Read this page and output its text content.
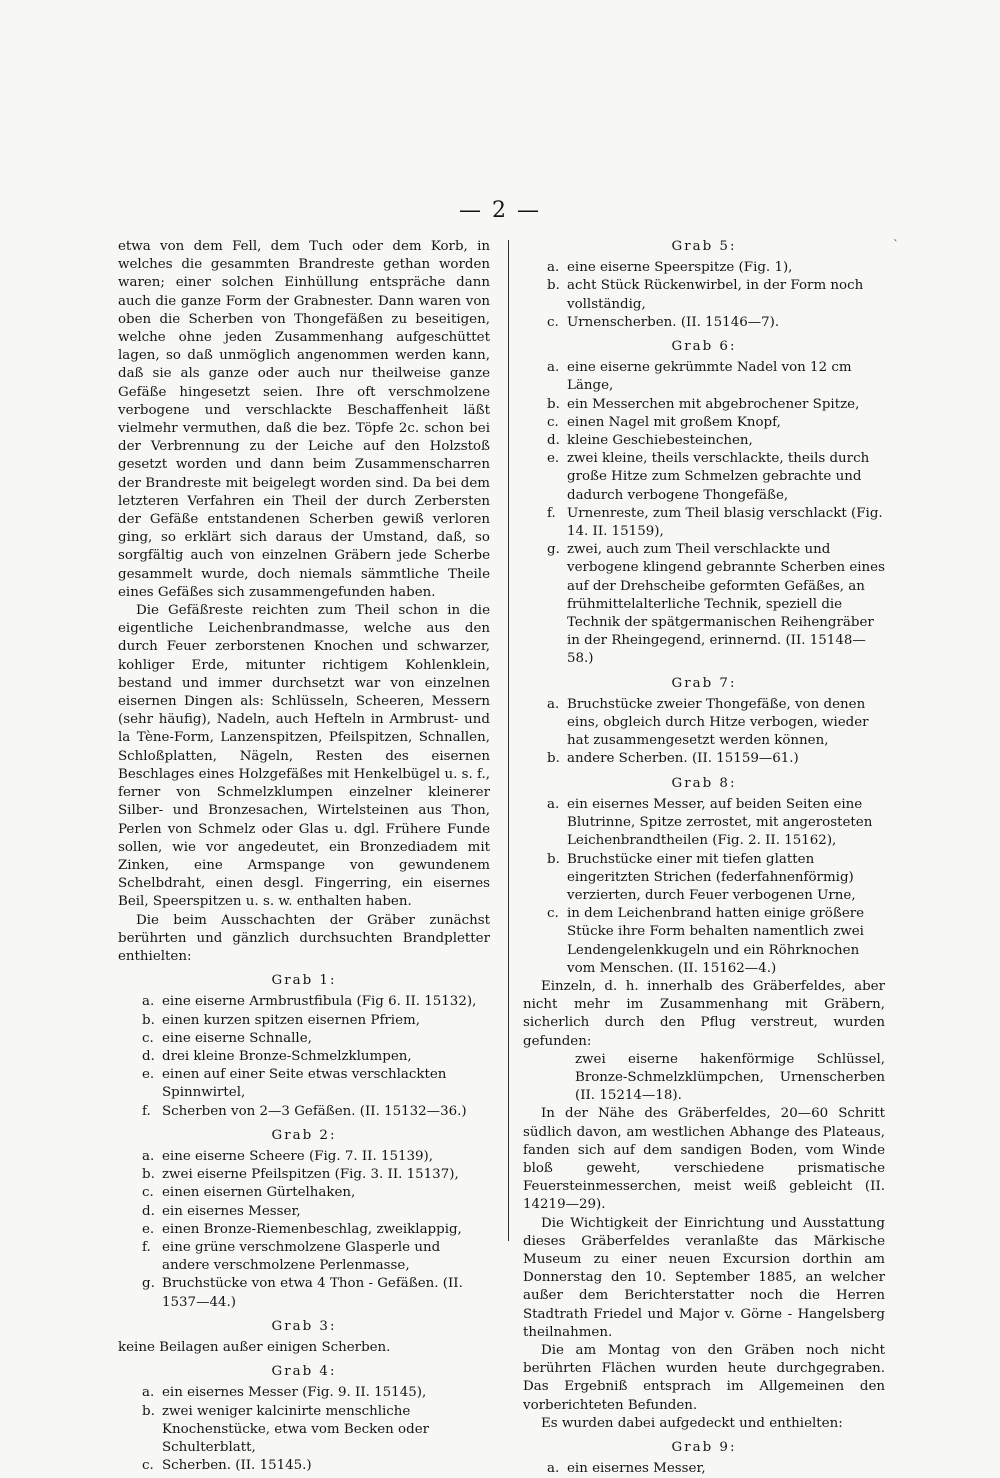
— 2 —
`

etwa von dem Fell, dem Tuch oder dem Korb, in welches die gesammten Brandreste gethan worden waren; einer solchen Einhüllung entspräche dann auch die ganze Form der Grabnester. Dann waren von oben die Scherben von Thongefäßen zu beseitigen, welche ohne jeden Zusammenhang aufgeschüttet lagen, so daß unmöglich angenommen werden kann, daß sie als ganze oder auch nur theilweise ganze Gefäße hingesetzt seien. Ihre oft verschmolzene verbogene und verschlackte Beschaffenheit läßt vielmehr vermuthen, daß die bez. Töpfe 2c. schon bei der Verbrennung zu der Leiche auf den Holzstoß gesetzt worden und dann beim Zusammenscharren der Brandreste mit beigelegt worden sind. Da bei dem letzteren Verfahren ein Theil der durch Zerbersten der Gefäße entstandenen Scherben gewiß verloren ging, so erklärt sich daraus der Umstand, daß, so sorgfältig auch von einzelnen Gräbern jede Scherbe gesammelt wurde, doch niemals sämmtliche Theile eines Gefäßes sich zusammengefunden haben.

Die Gefäßreste reichten zum Theil schon in die eigentliche Leichenbrandmasse, welche aus den durch Feuer zerborstenen Knochen und schwarzer, kohliger Erde, mitunter richtigem Kohlenklein, bestand und immer durchsetzt war von einzelnen eisernen Dingen als: Schlüsseln, Scheeren, Messern (sehr häufig), Nadeln, auch Hefteln in Armbrust- und la Tène-Form, Lanzenspitzen, Pfeilspitzen, Schnallen, Schloßplatten, Nägeln, Resten des eisernen Beschlages eines Holzgefäßes mit Henkelbügel u. s. f., ferner von Schmelzklumpen einzelner kleinerer Silber- und Bronzesachen, Wirtelsteinen aus Thon, Perlen von Schmelz oder Glas u. dgl. Frühere Funde sollen, wie vor angedeutet, ein Bronzediadem mit Zinken, eine Armspange von gewundenem Schelbdraht, einen desgl. Fingerring, ein eisernes Beil, Speerspitzen u. s. w. enthalten haben.

Die beim Ausschachten der Gräber zunächst berührten und gänzlich durchsuchten Brandpletter enthielten:

Grab 1:
a. eine eiserne Armbrustfibula (Fig 6. II. 15132),
b. einen kurzen spitzen eisernen Pfriem,
c. eine eiserne Schnalle,
d. drei kleine Bronze-Schmelzklumpen,
e. einen auf einer Seite etwas verschlackten Spinnwirtel,
f. Scherben von 2—3 Gefäßen. (II. 15132—36.)
Grab 2:
a. eine eiserne Scheere (Fig. 7. II. 15139),
b. zwei eiserne Pfeilspitzen (Fig. 3. II. 15137),
c. einen eisernen Gürtelhaken,
d. ein eisernes Messer,
e. einen Bronze-Riemenbeschlag, zweiklappig,
f. eine grüne verschmolzene Glasperle und andere verschmolzene Perlenmasse,
g. Bruchstücke von etwa 4 Thon - Gefäßen. (II. 1537—44.)
Grab 3:

keine Beilagen außer einigen Scherben.

Grab 4:
a. ein eisernes Messer (Fig. 9. II. 15145),
b. zwei weniger kalcinirte menschliche Knochenstücke, etwa vom Becken oder Schulterblatt,
c. Scherben. (II. 15145.)
Grab 5:
a. eine eiserne Speerspitze (Fig. 1),
b. acht Stück Rückenwirbel, in der Form noch vollständig,
c. Urnenscherben. (II. 15146—7).
Grab 6:
a. eine eiserne gekrümmte Nadel von 12 cm Länge,
b. ein Messerchen mit abgebrochener Spitze,
c. einen Nagel mit großem Knopf,
d. kleine Geschiebesteinchen,
e. zwei kleine, theils verschlackte, theils durch große Hitze zum Schmelzen gebrachte und dadurch verbogene Thongefäße,
f. Urnenreste, zum Theil blasig verschlackt (Fig. 14. II. 15159),
g. zwei, auch zum Theil verschlackte und verbogene klingend gebrannte Scherben eines auf der Drehscheibe geformten Gefäßes, an frühmittelalterliche Technik, speziell die Technik der spätgermanischen Reihengräber in der Rheingegend, erinnernd. (II. 15148—58.)
Grab 7:
a. Bruchstücke zweier Thongefäße, von denen eins, obgleich durch Hitze verbogen, wieder hat zusammengesetzt werden können,
b. andere Scherben. (II. 15159—61.)
Grab 8:
a. ein eisernes Messer, auf beiden Seiten eine Blutrinne, Spitze zerrostet, mit angerosteten Leichenbrandtheilen (Fig. 2. II. 15162),
b. Bruchstücke einer mit tiefen glatten eingeritzten Strichen (federfahnenförmig) verzierten, durch Feuer verbogenen Urne,
c. in dem Leichenbrand hatten einige größere Stücke ihre Form behalten namentlich zwei Lendengelenkkugeln und ein Röhrknochen vom Menschen. (II. 15162—4.)

Einzeln, d. h. innerhalb des Gräberfeldes, aber nicht mehr im Zusammenhang mit Gräbern, sicherlich durch den Pflug verstreut, wurden gefunden:

zwei eiserne hakenförmige Schlüssel, Bronze-Schmelzklümpchen, Urnenscherben (II. 15214—18).

In der Nähe des Gräberfeldes, 20—60 Schritt südlich davon, am westlichen Abhange des Plateaus, fanden sich auf dem sandigen Boden, vom Winde bloß geweht, verschiedene prismatische Feuersteinmesserchen, meist weiß gebleicht (II. 14219—29).

Die Wichtigkeit der Einrichtung und Ausstattung dieses Gräberfeldes veranlaßte das Märkische Museum zu einer neuen Excursion dorthin am Donnerstag den 10. September 1885, an welcher außer dem Berichterstatter noch die Herren Stadtrath Friedel und Major v. Görne - Hangelsberg theilnahmen.

Die am Montag von den Gräben noch nicht berührten Flächen wurden heute durchgegraben. Das Ergebniß entsprach im Allgemeinen den vorberichteten Befunden.

Es wurden dabei aufgedeckt und enthielten:

Grab 9:
a. ein eisernes Messer,
